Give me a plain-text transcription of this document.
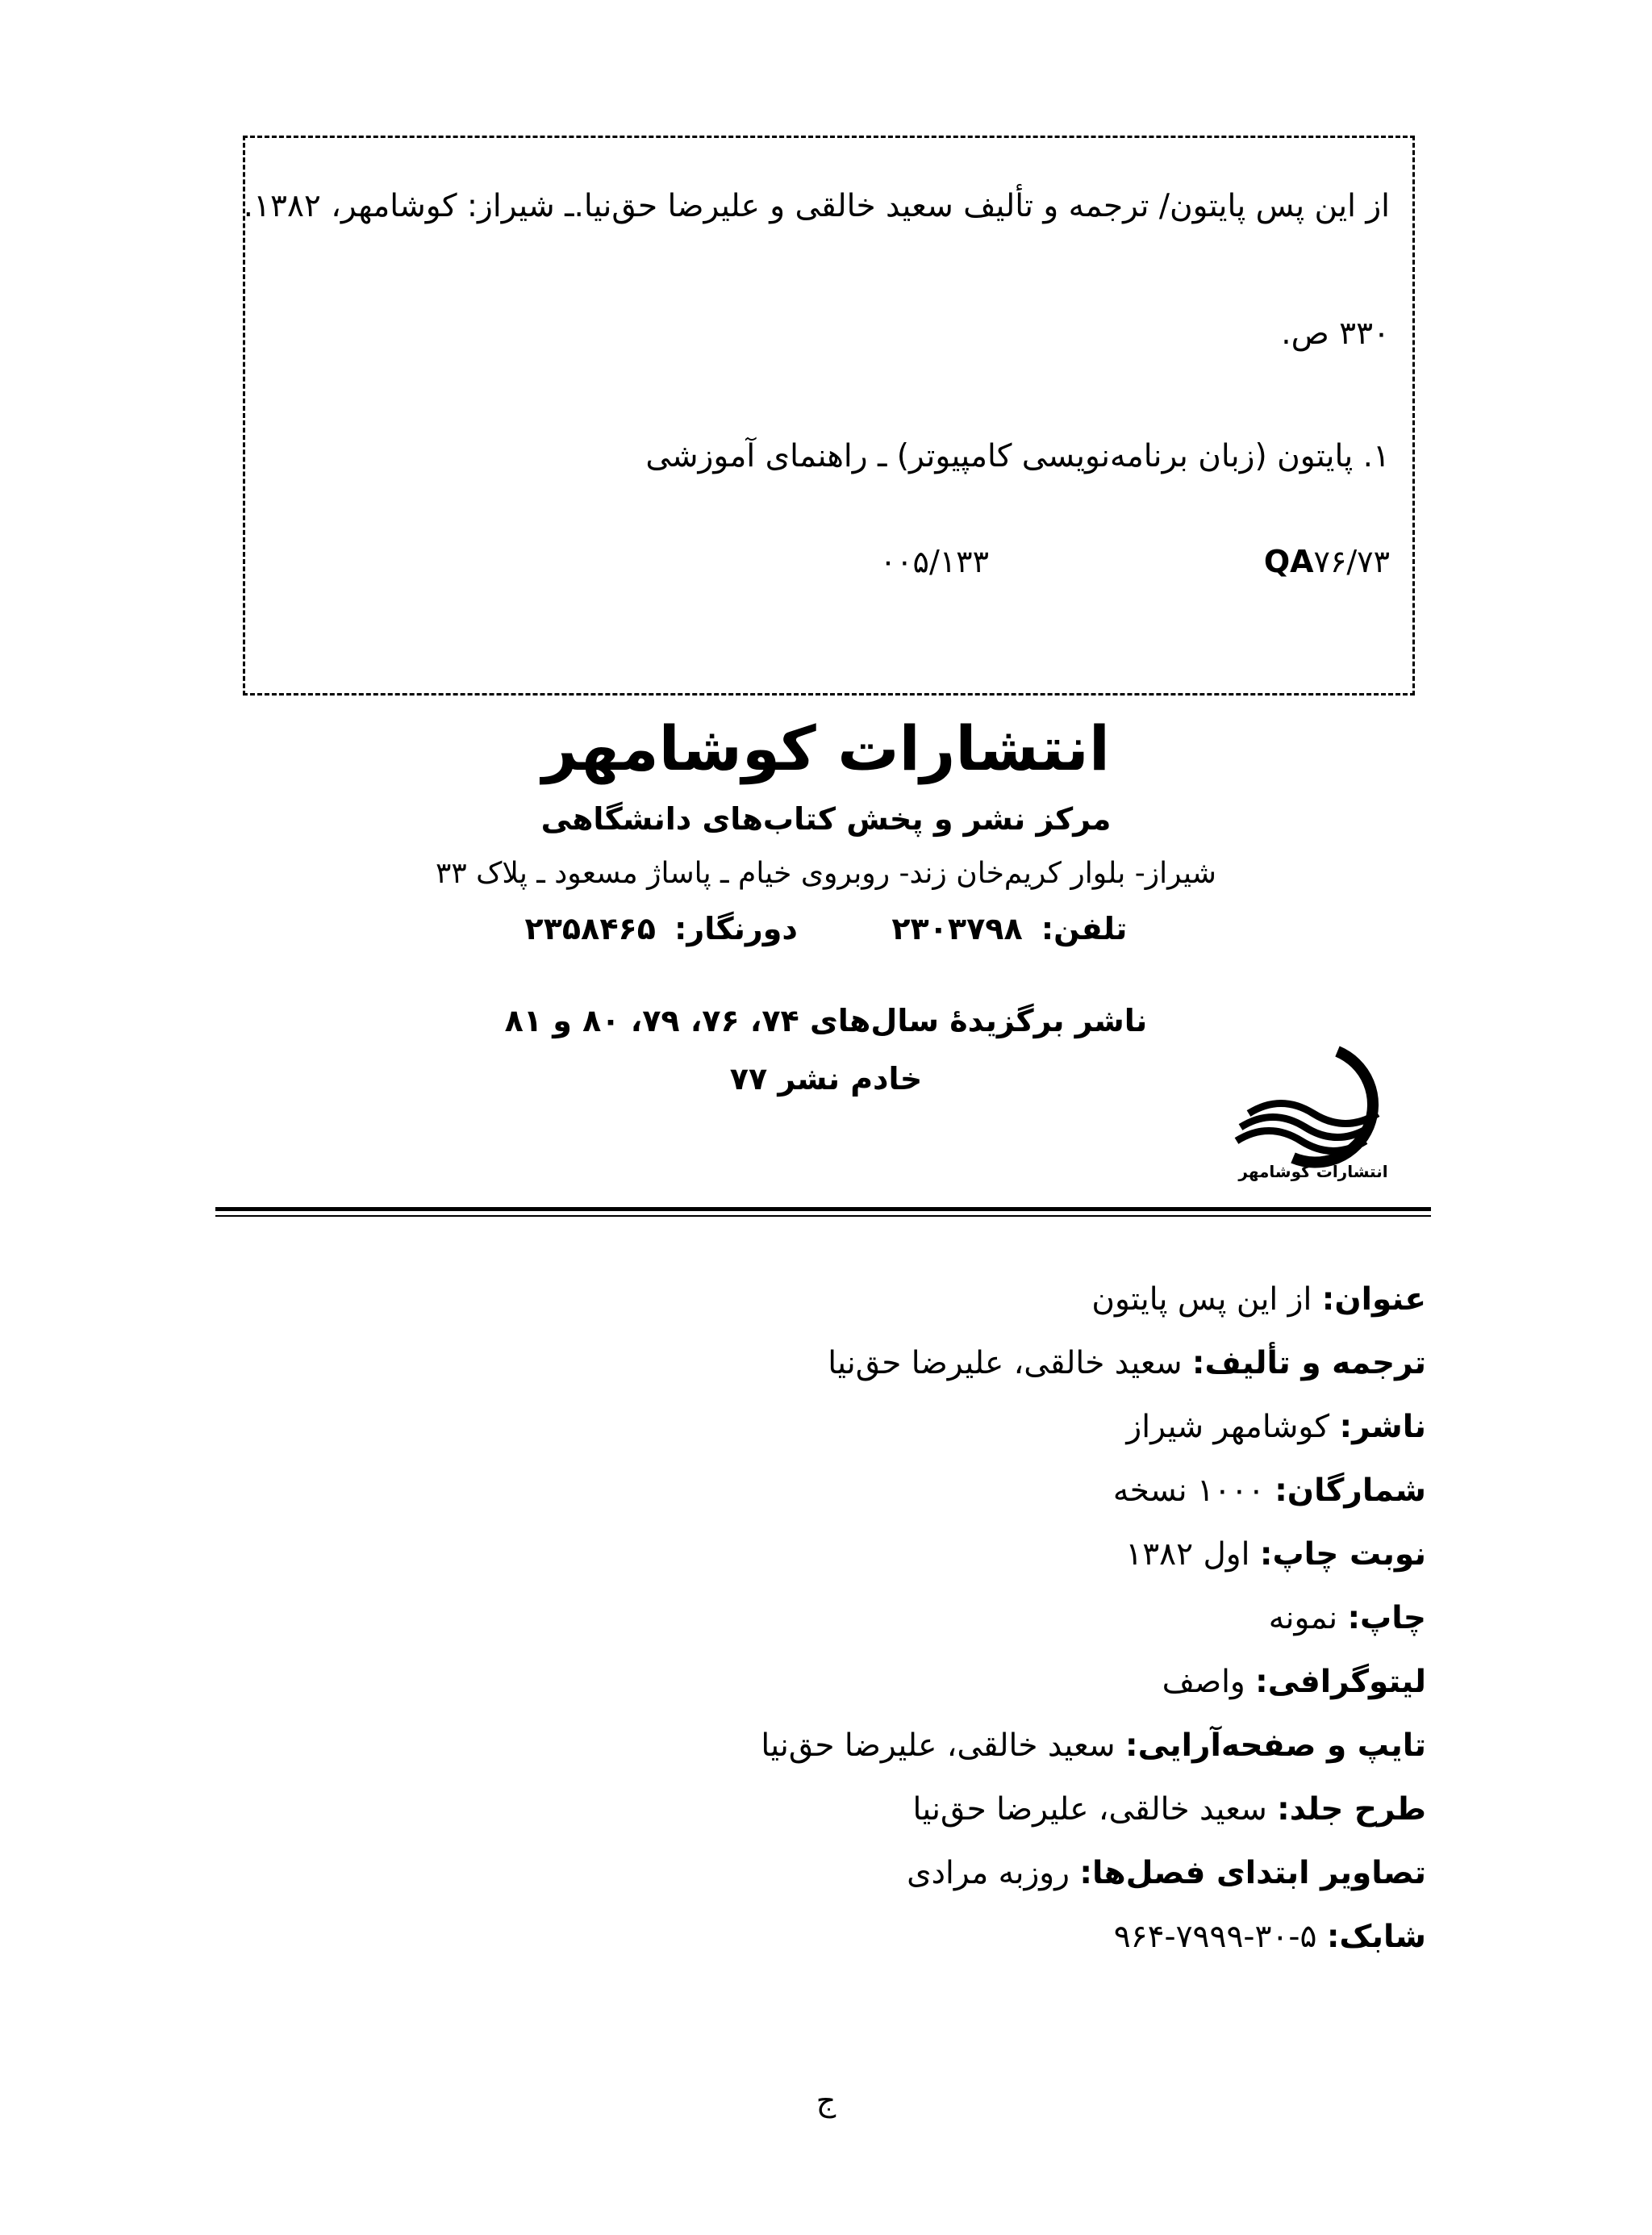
از این پس پایتون/ ترجمه و تألیف سعید خالقی و علیرضا حق‌نیا.ـ شیراز: کوشامهر، ۱۳۸۲.
۳۳۰ ص.
۱. پایتون (زبان برنامه‌نویسی کامپیوتر) ـ راهنمای آموزشی
QA۷۶/۷۳
۰۰۵/۱۳۳
انتشارات کوشامهر
مرکز نشر و پخش کتاب‌های دانشگاهی
شیراز- بلوار کریم‌خان زند- روبروی خیام ـ پاساژ مسعود ـ پلاک ۳۳
تلفن: ۲۳۰۳۷۹۸  دورنگار: ۲۳۵۸۴۶۵
ناشر برگزیدهٔ سال‌های ۷۴، ۷۶، ۷۹، ۸۰ و ۸۱
خادم نشر ۷۷
انتشارات کوشامهر
عنوان: از این پس پایتون
ترجمه و تألیف: سعید خالقی، علیرضا حق‌نیا
ناشر: کوشامهر شیراز
شمارگان: ۱۰۰۰ نسخه
نوبت چاپ: اول ۱۳۸۲
چاپ: نمونه
لیتوگرافی: واصف
تایپ و صفحه‌آرایی: سعید خالقی، علیرضا حق‌نیا
طرح جلد: سعید خالقی، علیرضا حق‌نیا
تصاویر ابتدای فصل‌ها: روزبه مرادی
شابک: ۵-۳۰-۷۹۹۹-۹۶۴
ج
